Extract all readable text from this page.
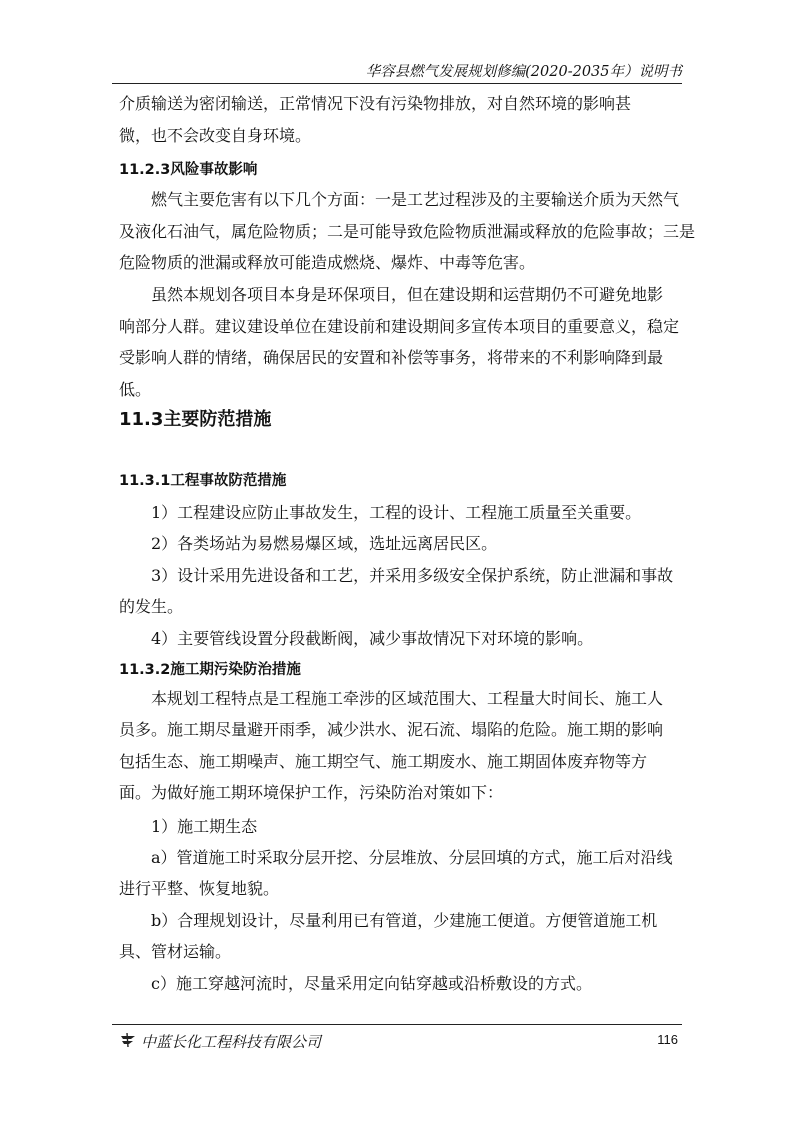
华容县燃气发展规划修编(2020-2035年）说明书
介质输送为密闭输送，正常情况下没有污染物排放，对自然环境的影响甚
微，也不会改变自身环境。
11.2.3风险事故影响
燃气主要危害有以下几个方面：一是工艺过程涉及的主要输送介质为天然气
及液化石油气，属危险物质；二是可能导致危险物质泄漏或释放的危险事故；三是
危险物质的泄漏或释放可能造成燃烧、爆炸、中毒等危害。
虽然本规划各项目本身是环保项目，但在建设期和运营期仍不可避免地影
响部分人群。建议建设单位在建设前和建设期间多宣传本项目的重要意义，稳定
受影响人群的情绪，确保居民的安置和补偿等事务，将带来的不利影响降到最
低。
11.3主要防范措施
11.3.1工程事故防范措施
1）工程建设应防止事故发生，工程的设计、工程施工质量至关重要。
2）各类场站为易燃易爆区域，选址远离居民区。
3）设计采用先进设备和工艺，并采用多级安全保护系统，防止泄漏和事故
的发生。
4）主要管线设置分段截断阀，减少事故情况下对环境的影响。
11.3.2施工期污染防治措施
本规划工程特点是工程施工牵涉的区域范围大、工程量大时间长、施工人
员多。施工期尽量避开雨季，减少洪水、泥石流、塌陷的危险。施工期的影响
包括生态、施工期噪声、施工期空气、施工期废水、施工期固体废弃物等方
面。为做好施工期环境保护工作，污染防治对策如下：
1）施工期生态
a）管道施工时采取分层开挖、分层堆放、分层回填的方式，施工后对沿线
进行平整、恢复地貌。
b）合理规划设计，尽量利用已有管道，少建施工便道。方便管道施工机
具、管材运输。
c）施工穿越河流时，尽量采用定向钻穿越或沿桥敷设的方式。
中蓝长化工程科技有限公司	116
